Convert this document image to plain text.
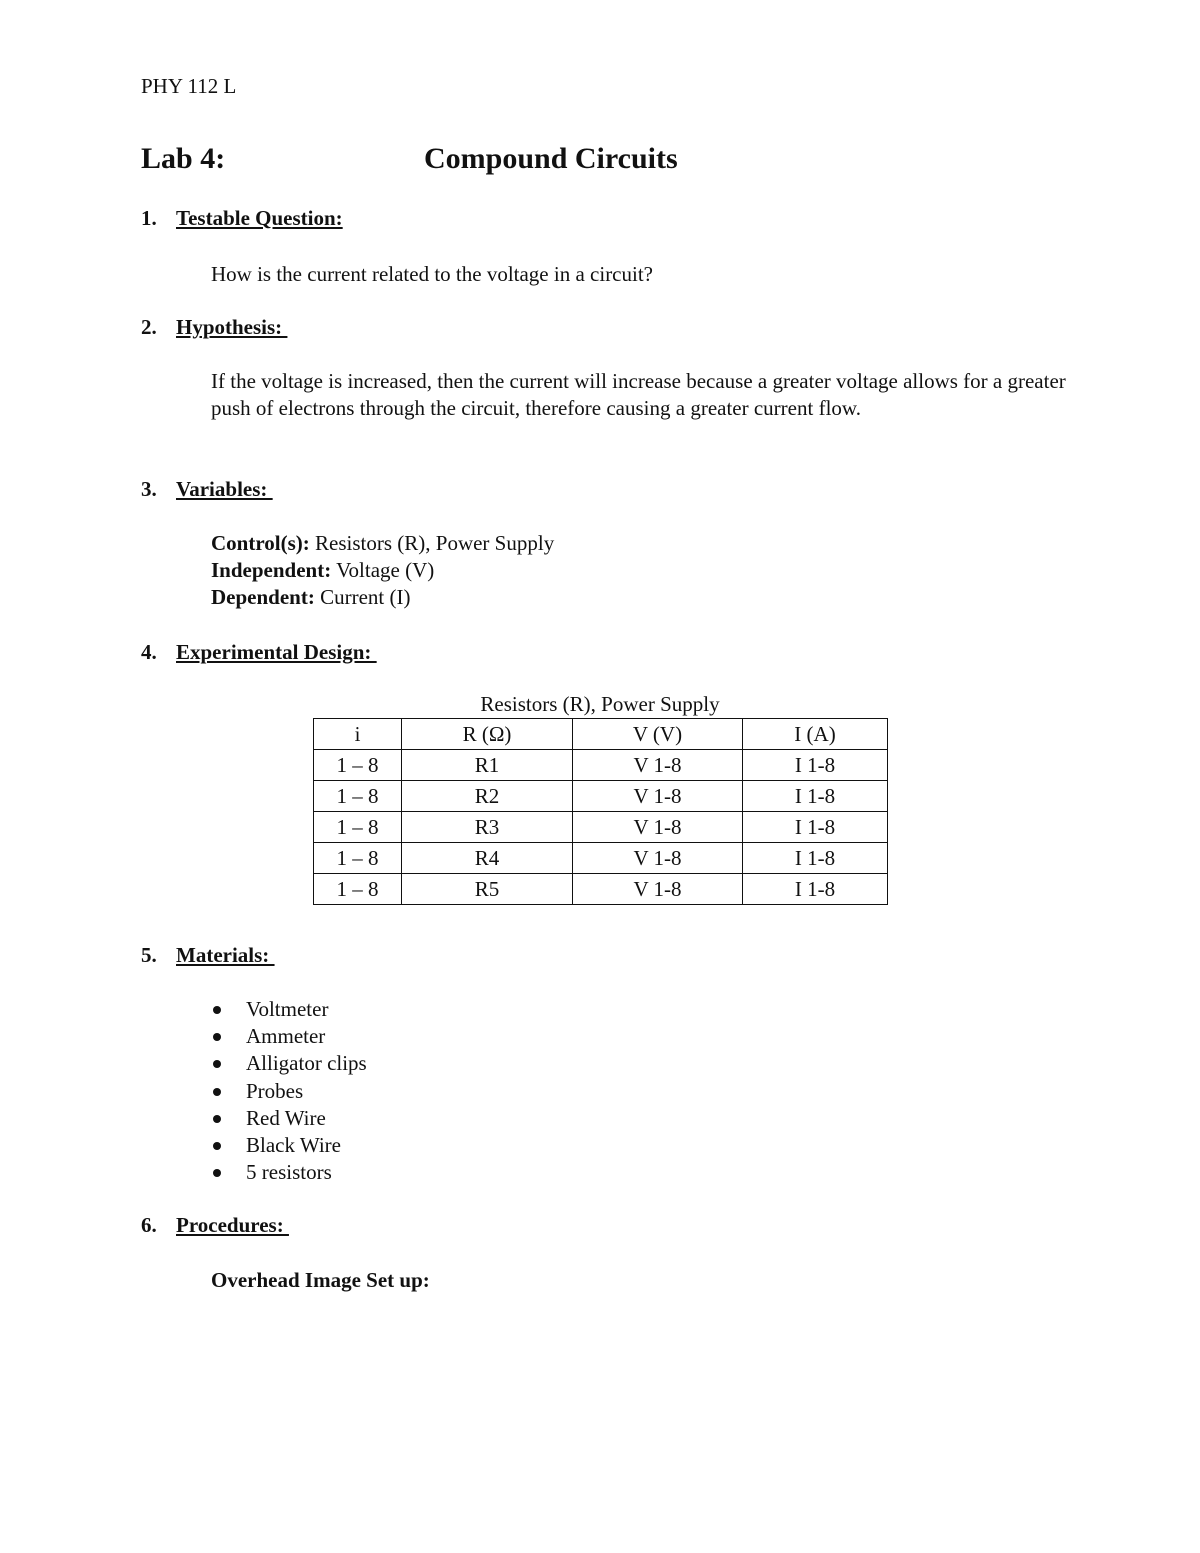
PHY 112 L
Lab 4:	Compound Circuits
1. Testable Question:
How is the current related to the voltage in a circuit?
2. Hypothesis:
If the voltage is increased, then the current will increase because a greater voltage allows for a greater push of electrons through the circuit, therefore causing a greater current flow.
3. Variables:
Control(s): Resistors (R), Power Supply
Independent: Voltage (V)
Dependent: Current (I)
4. Experimental Design:
Resistors (R), Power Supply
i	R (Ω)	V (V)	I (A)
1 – 8	R1	V 1-8	I 1-8
1 – 8	R2	V 1-8	I 1-8
1 – 8	R3	V 1-8	I 1-8
1 – 8	R4	V 1-8	I 1-8
1 – 8	R5	V 1-8	I 1-8
5. Materials:
Voltmeter
Ammeter
Alligator clips
Probes
Red Wire
Black Wire
5 resistors
6. Procedures:
Overhead Image Set up:
